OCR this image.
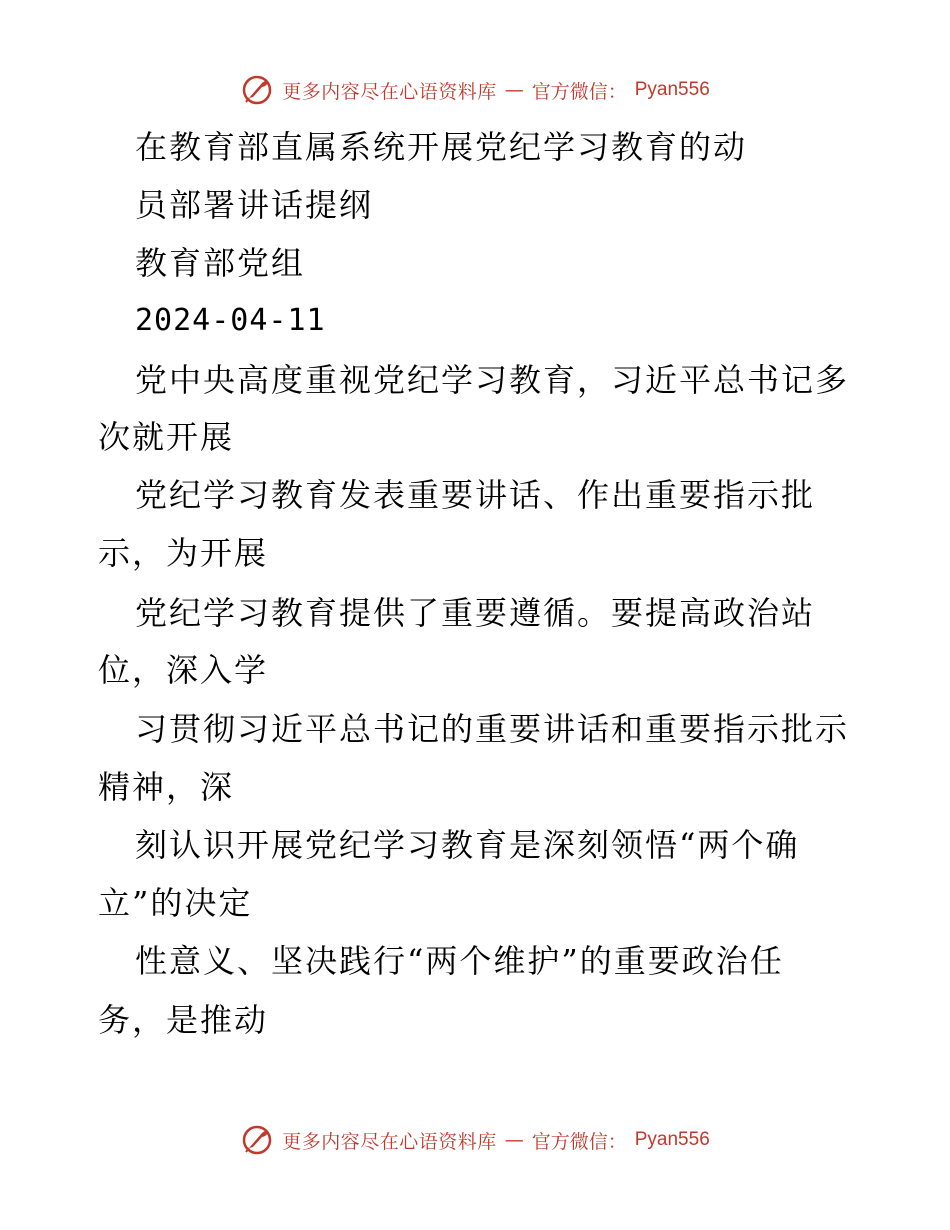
更多内容尽在心语资料库 — 官方微信： Pyan556
在教育部直属系统开展党纪学习教育的动
员部署讲话提纲
教育部党组
2024-04-11
党中央高度重视党纪学习教育，习近平总书记多
次就开展
党纪学习教育发表重要讲话、作出重要指示批
示，为开展
党纪学习教育提供了重要遵循。要提高政治站
位，深入学
习贯彻习近平总书记的重要讲话和重要指示批示
精神，深
刻认识开展党纪学习教育是深刻领悟“两个确
立”的决定
性意义、坚决践行“两个维护”的重要政治任
务，是推动
更多内容尽在心语资料库 — 官方微信： Pyan556
